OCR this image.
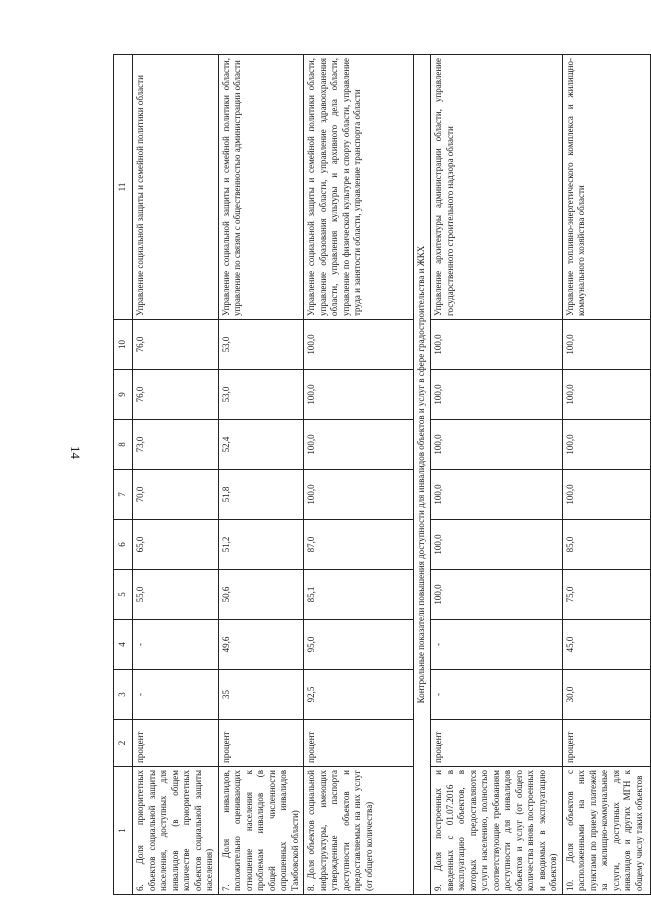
14
1	2	3	4	5	6	7	8	9	10	11
6. Доля приоритетных объектов социальной защиты населения, доступных для инвалидов (в общем количестве приоритетных объектов социальной защиты населения)	процент	-	-	55,0	65,0	70,0	73,0	76,0	76,0	Управление социальной защиты и семейной политики области
7. Доля инвалидов, положительно оценивающих отношение населения к проблемам инвалидов (в общей численности опрошенных инвалидов Тамбовской области)	процент	35	49,6	50,6	51,2	51,8	52,4	53,0	53,0	Управление социальной защиты и семейной политики области, управление по связям с общественностью администрации области
8. Доля объектов социальной инфраструктуры, имеющих утвержденные паспорта доступности объектов и предоставляемых на них услуг (от общего количества)	процент	92,5	95,0	85,1	87,0	100,0	100,0	100,0	100,0	Управление социальной защиты и семейной политики области, управление образования области, управление здравоохранения области, управления культуры и архивного дела области, управление по физической культуре и спорту области, управление труда и занятости области, управление транспорта области
Контрольные показатели повышения доступности для инвалидов объектов и услуг в сфере градостроительства и ЖКХ										
9. Доля построенных и введенных с 01.07.2016 в эксплуатацию объектов, в которых предоставляются услуги населению, полностью соответствующие требованиям доступности для инвалидов объектов и услуг (от общего количества вновь построенных и вводимых в эксплуатацию объектов)	процент	-	-	100,0	100,0	100,0	100,0	100,0	100,0	Управление архитектуры администрации области, управление государственного строительного надзора области
10. Доля объектов с расположенными на них пунктами по приему платежей за жилищно-коммунальные услуги, доступных для инвалидов и других МГН к общему числу таких объектов	процент	30,0	45,0	75,0	85,0	100,0	100,0	100,0	100,0	Управление топливно-энергетического комплекса и жилищно-коммунального хозяйства области
